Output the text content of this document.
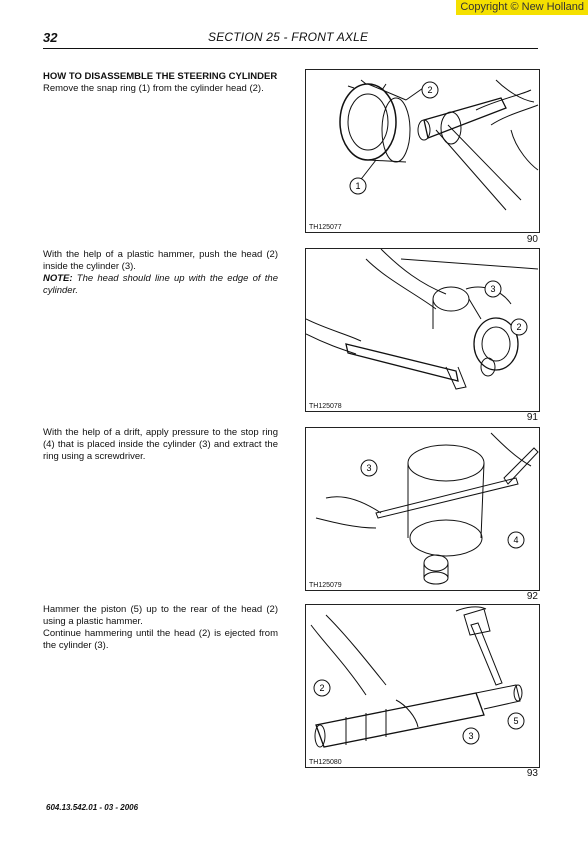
Copyright © New Holland
32	SECTION 25 - FRONT AXLE
HOW TO DISASSEMBLE THE STEERING CYLINDER

Remove the snap ring (1) from the cylinder head (2).	2
1
TH125077
90

With the help of a plastic hammer, push the head (2) inside the cylinder (3).

NOTE: The head should line up with the edge of the cylinder.	3
2
TH125078
91

With the help of a drift, apply pressure to the stop ring (4) that is placed inside the cylinder (3) and extract the ring using a screwdriver.

3
4
TH125079
92

Hammer the piston (5) up to the rear of the head (2) using a plastic hammer.

Continue hammering until the head (2) is ejected from the cylinder (3).

2
5
3
TH125080
93
604.13.542.01 - 03 - 2006
